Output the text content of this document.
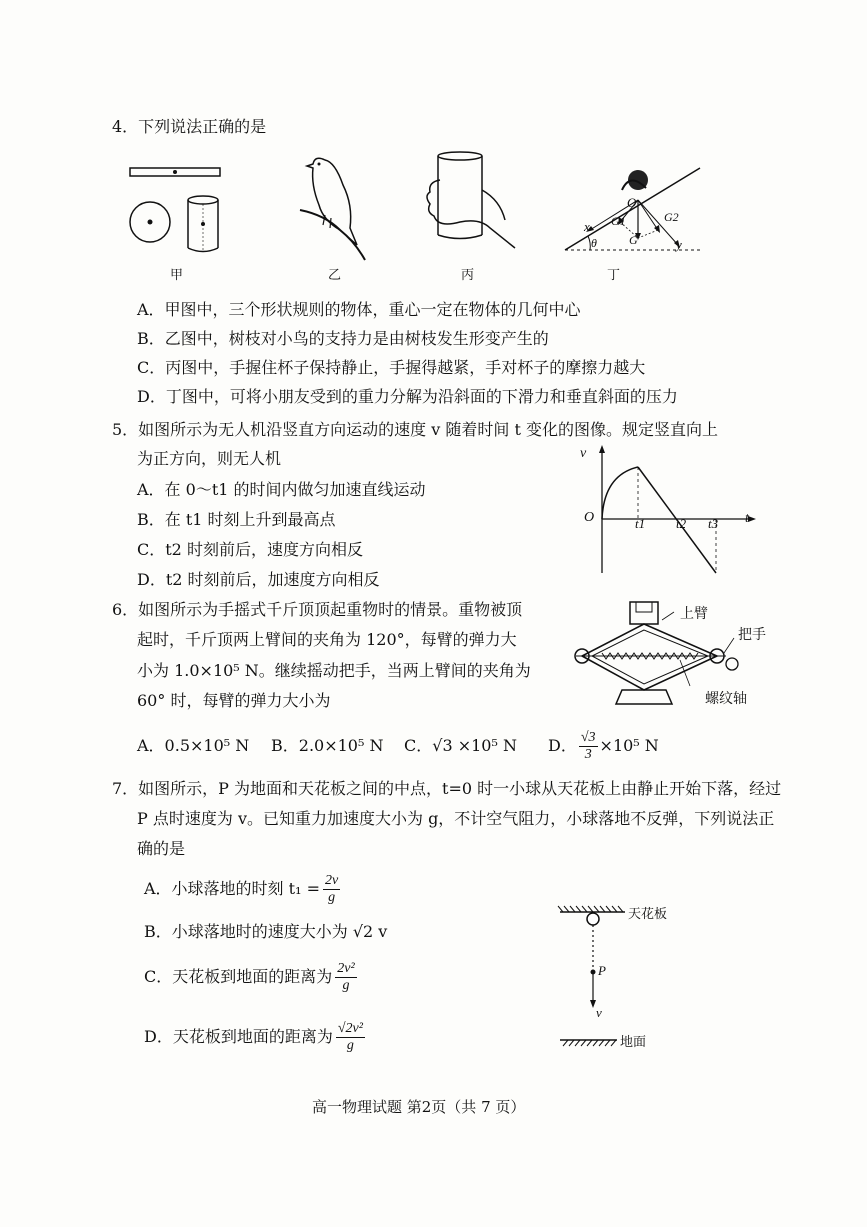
4．下列说法正确的是
x
y
O
G1	G2
G
θ
甲	乙	丙	丁
A．甲图中，三个形状规则的物体，重心一定在物体的几何中心
B．乙图中，树枝对小鸟的支持力是由树枝发生形变产生的
C．丙图中，手握住杯子保持静止，手握得越紧，手对杯子的摩擦力越大
D．丁图中，可将小朋友受到的重力分解为沿斜面的下滑力和垂直斜面的压力
5．如图所示为无人机沿竖直方向运动的速度 v 随着时间 t 变化的图像。规定竖直向上
为正方向，则无人机
A．在 0～t1 的时间内做匀加速直线运动
B．在 t1 时刻上升到最高点
C．t2 时刻前后，速度方向相反
D．t2 时刻前后，加速度方向相反
v
t
O	t1 t2 t3
6．如图所示为手摇式千斤顶顶起重物时的情景。重物被顶
起时，千斤顶两上臂间的夹角为 120°，每臂的弹力大
小为 1.0×10⁵ N。继续摇动把手，当两上臂间的夹角为
60° 时，每臂的弹力大小为
上臂
把手
螺纹轴
A．0.5×10⁵ N B．2.0×10⁵ N C．√3 ×10⁵ N D． $\frac{√3}{3} \times 10^5$ N
7．如图所示，P 为地面和天花板之间的中点，t=0 时一小球从天花板上由静止开始下落，经过
P 点时速度为 v。已知重力加速度大小为 g，不计空气阻力，小球落地不反弹，下列说法正
确的是
A．小球落地的时刻 $t_1 = \frac{2v}{g}$
B．小球落地时的速度大小为 √2 v
C．天花板到地面的距离为 $\frac{\text{2v²}}{g}$
D．天花板到地面的距离为 $\frac{\text{√2v²}}{g}$
天花板
地面
P
v
高一物理试题 第2页（共 7 页）
